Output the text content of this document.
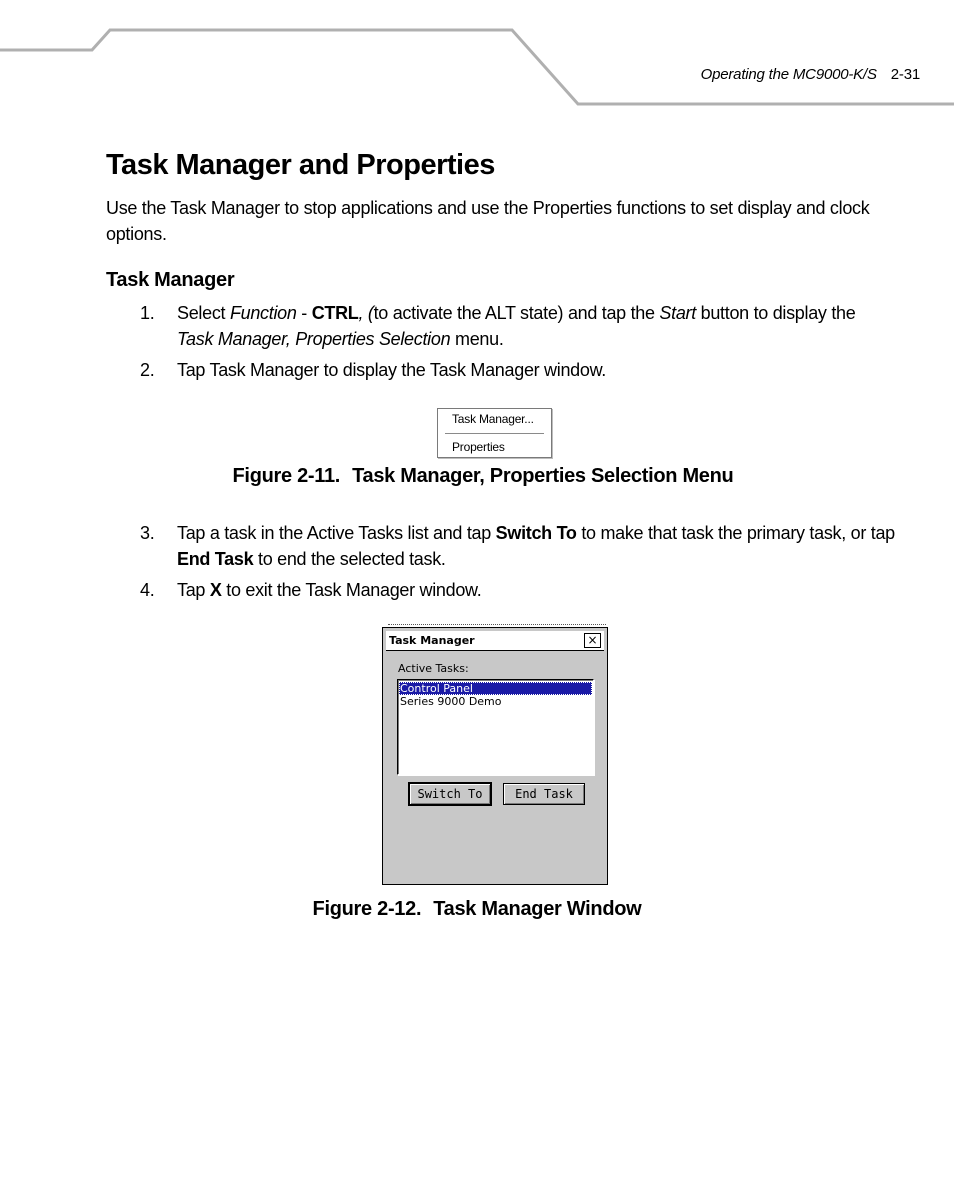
Operating the MC9000-K/S 2-31
Task Manager and Properties

Use the Task Manager to stop applications and use the Properties functions to set display and clock options.

Task Manager
1. Select Function - CTRL, (to activate the ALT state) and tap the Start button to display the Task Manager, Properties Selection menu.
2. Tap Task Manager to display the Task Manager window.
Task Manager...
Properties
Figure 2-11. Task Manager, Properties Selection Menu
3. Tap a task in the Active Tasks list and tap Switch To to make that task the primary task, or tap End Task to end the selected task.
4. Tap X to exit the Task Manager window.
Task Manager	×
Active Tasks:
Control Panel
Series 9000 Demo
Switch To	End Task
Figure 2-12. Task Manager Window
